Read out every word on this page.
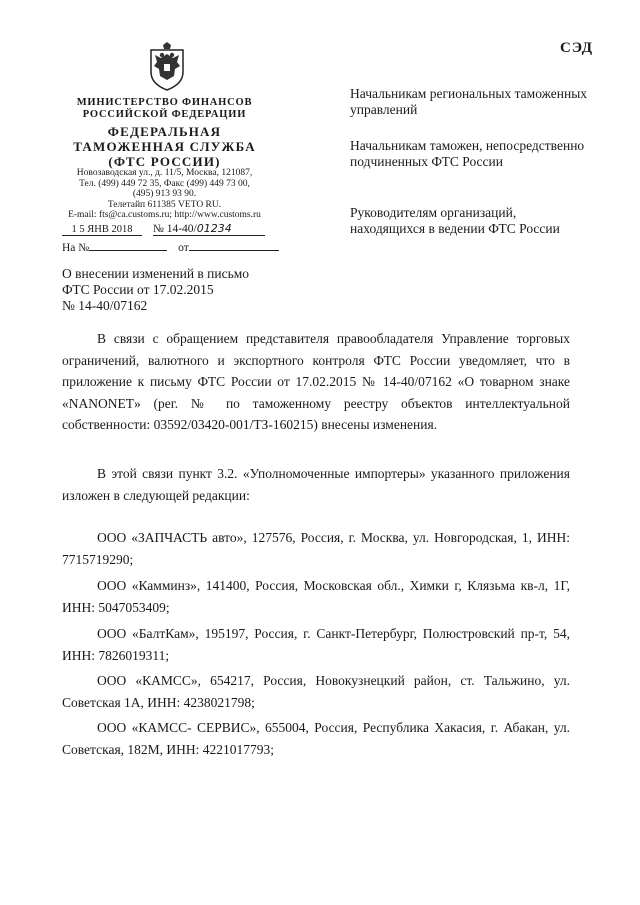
СЭД
МИНИСТЕРСТВО ФИНАНСОВ
РОССИЙСКОЙ ФЕДЕРАЦИИ
ФЕДЕРАЛЬНАЯ
ТАМОЖЕННАЯ СЛУЖБА
(ФТС РОССИИ)
Новозаводская ул., д. 11/5, Москва, 121087,
Тел. (499) 449 72 35, Факс (499) 449 73 00,
(495) 913 93 90.
Телетайп 611385 VETO RU.
E-mail: fts@ca.customs.ru; http://www.customs.ru
1 5 ЯНВ 2018 № 14-40/01234
На №	от
Начальникам региональных таможенных управлений
Начальникам таможен, непосредственно подчиненных ФТС России
Руководителям организаций, находящихся в ведении ФТС России
О внесении изменений в письмо
ФТС России от 17.02.2015
№ 14-40/07162

В связи с обращением представителя правообладателя Управление торговых ограничений, валютного и экспортного контроля ФТС России уведомляет, что в приложение к письму ФТС России от 17.02.2015 № 14-40/07162 «О товарном знаке «NANONET» (рег. № по таможенному реестру объектов интеллектуальной собственности: 03592/03420-001/ТЗ-160215) внесены изменения.

В этой связи пункт 3.2. «Уполномоченные импортеры» указанного приложения изложен в следующей редакции:

ООО «ЗАПЧАСТЬ авто», 127576, Россия, г. Москва, ул. Новгородская, 1, ИНН: 7715719290;

ООО «Камминз», 141400, Россия, Московская обл., Химки г, Клязьма кв-л, 1Г, ИНН: 5047053409;

ООО «БалтКам», 195197, Россия, г. Санкт-Петербург, Полюстровский пр-т, 54, ИНН: 7826019311;

ООО «КАМСС», 654217, Россия, Новокузнецкий район, ст. Тальжино, ул. Советская 1А, ИНН: 4238021798;

ООО «КАМСС- СЕРВИС», 655004, Россия, Республика Хакасия, г. Абакан, ул. Советская, 182М, ИНН: 4221017793;
